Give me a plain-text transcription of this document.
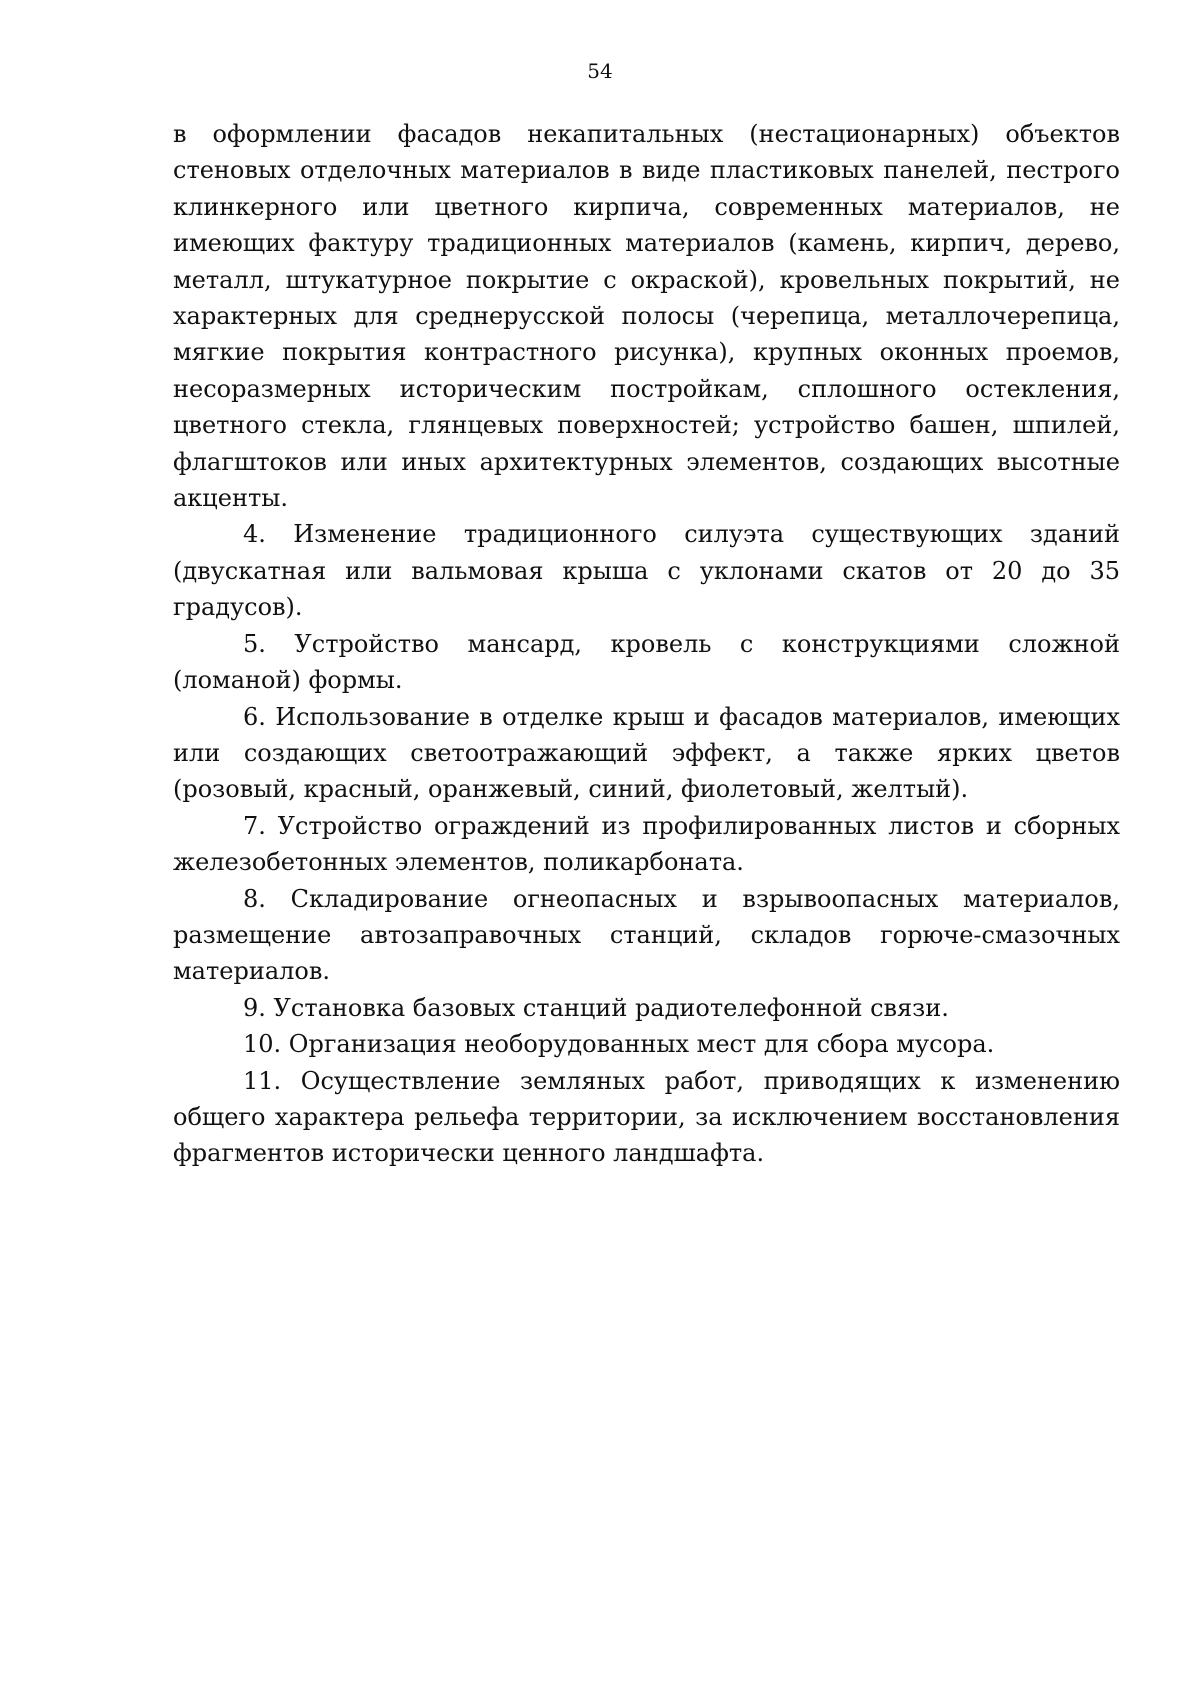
54

в оформлении фасадов некапитальных (нестационарных) объектов стеновых отделочных материалов в виде пластиковых панелей, пестрого клинкерного или цветного кирпича, современных материалов, не имеющих фактуру традиционных материалов (камень, кирпич, дерево, металл, штукатурное покрытие с окраской), кровельных покрытий, не характерных для среднерусской полосы (черепица, металлочерепица, мягкие покрытия контрастного рисунка), крупных оконных проемов, несоразмерных историческим постройкам, сплошного остекления, цветного стекла, глянцевых поверхностей; устройство башен, шпилей, флагштоков или иных архитектурных элементов, создающих высотные акценты.

4. Изменение традиционного силуэта существующих зданий (двускатная или вальмовая крыша с уклонами скатов от 20 до 35 градусов).

5. Устройство мансард, кровель с конструкциями сложной (ломаной) формы.

6. Использование в отделке крыш и фасадов материалов, имеющих или создающих светоотражающий эффект, а также ярких цветов (розовый, красный, оранжевый, синий, фиолетовый, желтый).

7. Устройство ограждений из профилированных листов и сборных железобетонных элементов, поликарбоната.

8. Складирование огнеопасных и взрывоопасных материалов, размещение автозаправочных станций, складов горюче-смазочных материалов.

9. Установка базовых станций радиотелефонной связи.

10. Организация необорудованных мест для сбора мусора.

11. Осуществление земляных работ, приводящих к изменению общего характера рельефа территории, за исключением восстановления фрагментов исторически ценного ландшафта.
